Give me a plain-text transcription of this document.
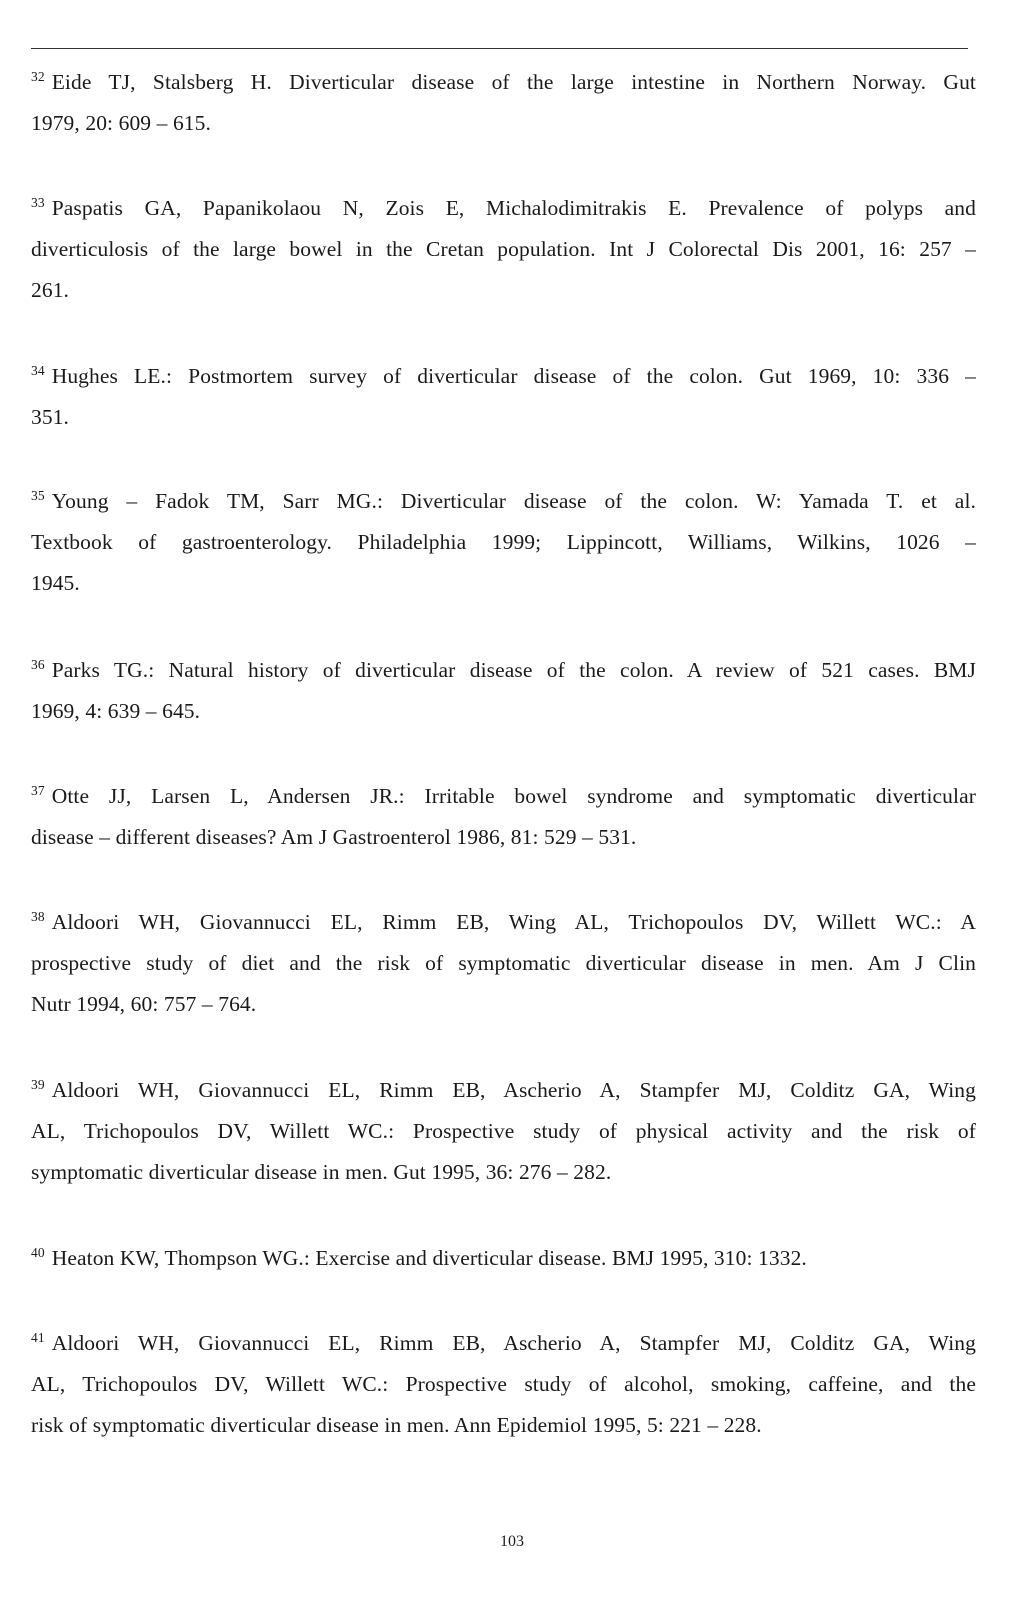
$^{32}$ Eide TJ, Stalsberg H. Diverticular disease of the large intestine in Northern Norway. Gut
1979, 20: 609 – 615.
$^{33}$ Paspatis GA, Papanikolaou N, Zois E, Michalodimitrakis E. Prevalence of polyps and
diverticulosis of the large bowel in the Cretan population. Int J Colorectal Dis 2001, 16: 257 –
261.
$^{34}$ Hughes LE.: Postmortem survey of diverticular disease of the colon. Gut 1969, 10: 336 –
351.
$^{35}$ Young – Fadok TM, Sarr MG.: Diverticular disease of the colon. W: Yamada T. et al.
Textbook of gastroenterology. Philadelphia 1999; Lippincott, Williams, Wilkins, 1026 –
1945.
$^{36}$ Parks TG.: Natural history of diverticular disease of the colon. A review of 521 cases. BMJ
1969, 4: 639 – 645.
$^{37}$ Otte JJ, Larsen L, Andersen JR.: Irritable bowel syndrome and symptomatic diverticular
disease – different diseases? Am J Gastroenterol 1986, 81: 529 – 531.
$^{38}$ Aldoori WH, Giovannucci EL, Rimm EB, Wing AL, Trichopoulos DV, Willett WC.: A
prospective study of diet and the risk of symptomatic diverticular disease in men. Am J Clin
Nutr 1994, 60: 757 – 764.
$^{39}$ Aldoori WH, Giovannucci EL, Rimm EB, Ascherio A, Stampfer MJ, Colditz GA, Wing
AL, Trichopoulos DV, Willett WC.: Prospective study of physical activity and the risk of
symptomatic diverticular disease in men. Gut 1995, 36: 276 – 282.
$^{40}$ Heaton KW, Thompson WG.: Exercise and diverticular disease. BMJ 1995, 310: 1332.
$^{41}$ Aldoori WH, Giovannucci EL, Rimm EB, Ascherio A, Stampfer MJ, Colditz GA, Wing
AL, Trichopoulos DV, Willett WC.: Prospective study of alcohol, smoking, caffeine, and the
risk of symptomatic diverticular disease in men. Ann Epidemiol 1995, 5: 221 – 228.
103
